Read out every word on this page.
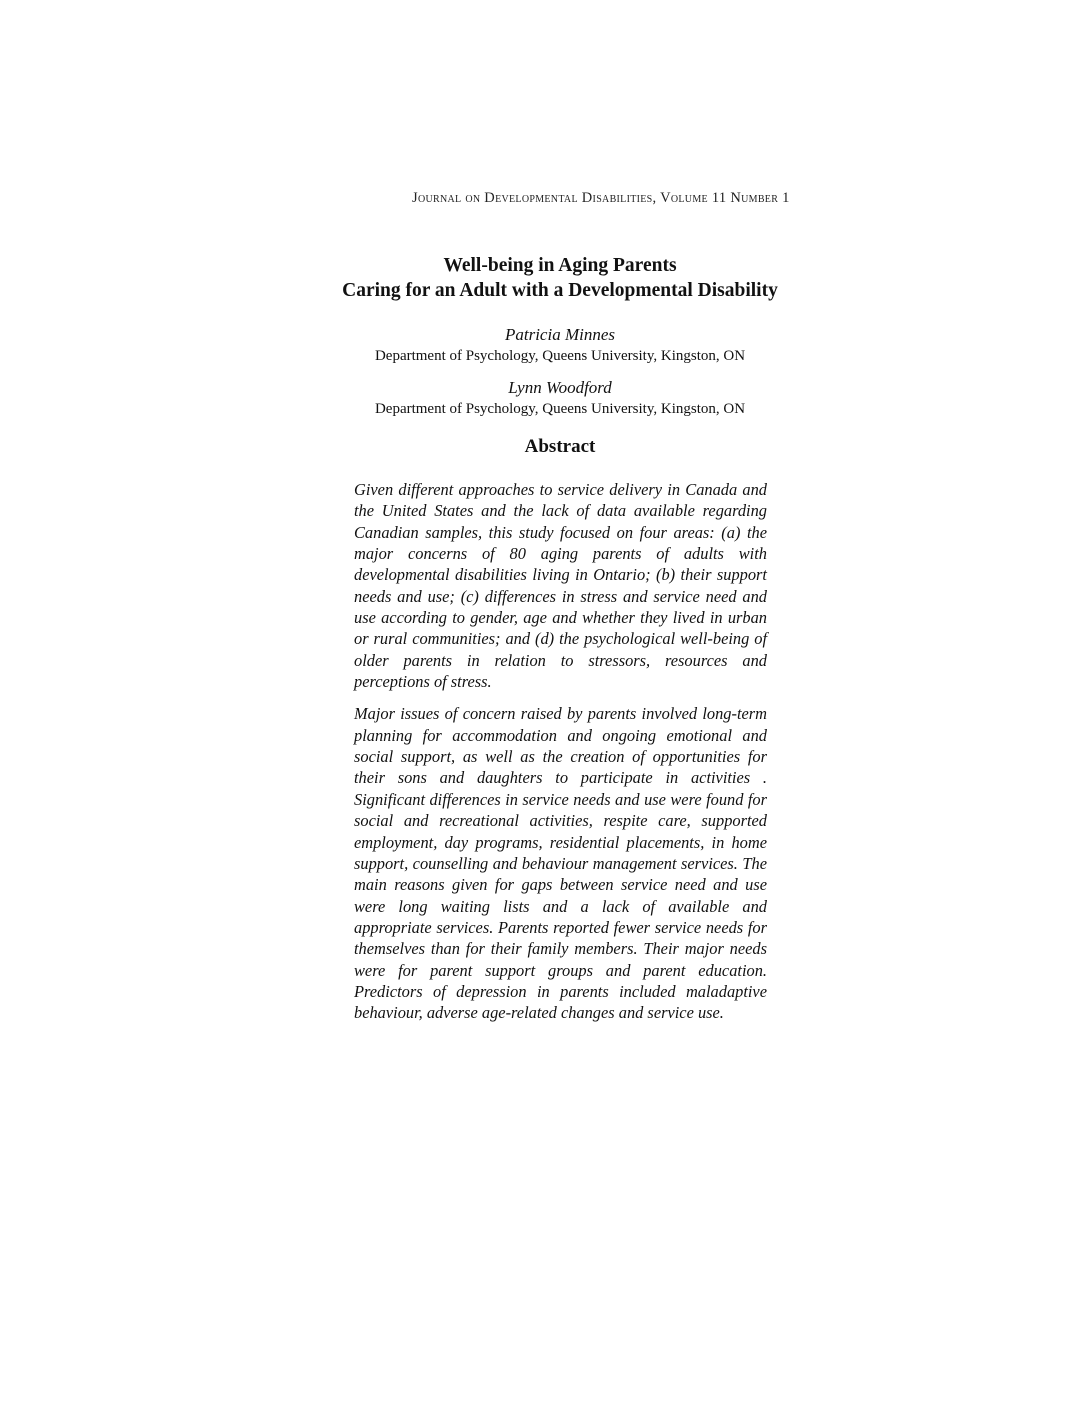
Journal on Developmental Disabilities, Volume 11 Number 1
Well-being in Aging Parents
Caring for an Adult with a Developmental Disability
Patricia Minnes
Department of Psychology, Queens University, Kingston, ON
Lynn Woodford
Department of Psychology, Queens University, Kingston, ON
Abstract

Given different approaches to service delivery in Canada and the United States and the lack of data available regarding Canadian samples, this study focused on four areas: (a) the major concerns of 80 aging parents of adults with developmental disabilities living in Ontario; (b) their support needs and use; (c) differences in stress and service need and use according to gender, age and whether they lived in urban or rural communities; and (d) the psychological well-being of older parents in relation to stressors, resources and perceptions of stress.

Major issues of concern raised by parents involved long-term planning for accommodation and ongoing emotional and social support, as well as the creation of opportunities for their sons and daughters to participate in activities . Significant differences in service needs and use were found for social and recreational activities, respite care, supported employment, day programs, residential placements, in home support, counselling and behaviour management services. The main reasons given for gaps between service need and use were long waiting lists and a lack of available and appropriate services. Parents reported fewer service needs for themselves than for their family members. Their major needs were for parent support groups and parent education. Predictors of depression in parents included maladaptive behaviour, adverse age-related changes and service use.
